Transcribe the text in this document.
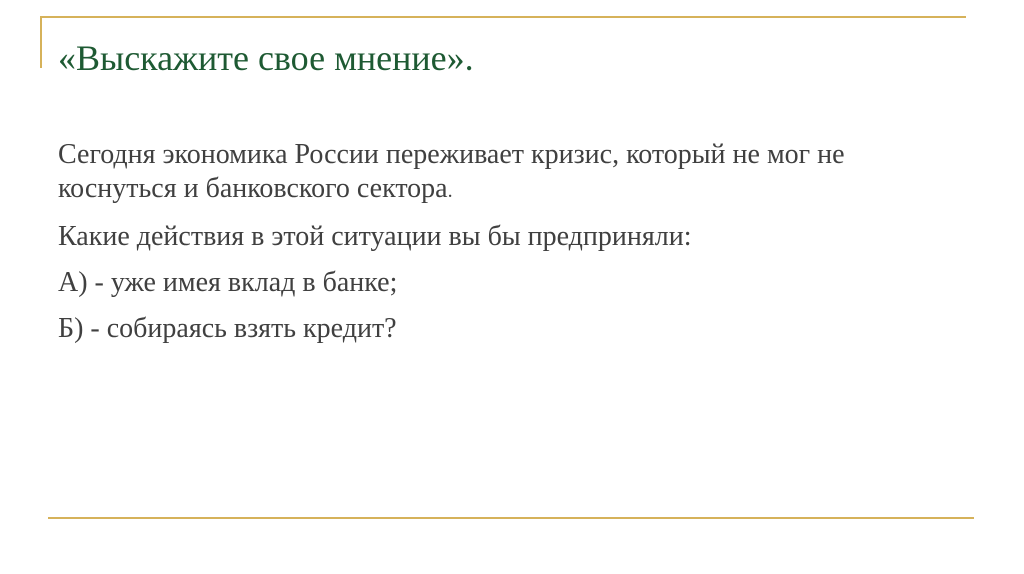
«Выскажите свое мнение».

Сегодня экономика России переживает кризис, который не мог не
коснуться и банковского сектора.

Какие действия в этой ситуации вы бы предприняли:

А) - уже имея вклад в банке;

Б) - собираясь взять кредит?
